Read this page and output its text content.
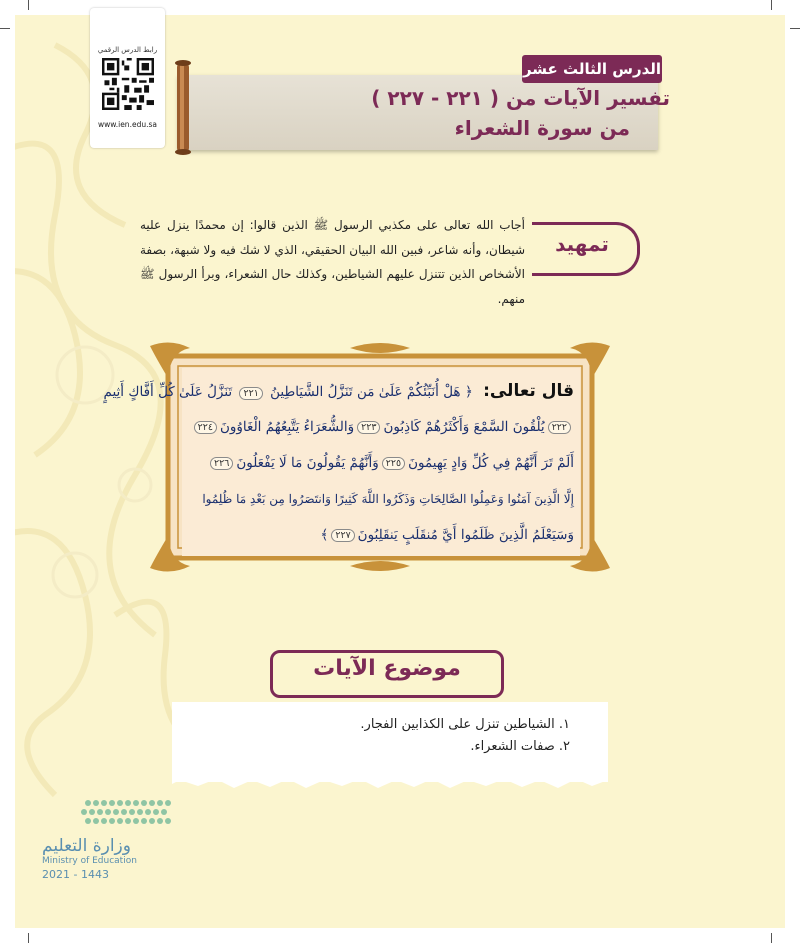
رابط الدرس الرقمي
www.ien.edu.sa
تفسير الآيات من ( ٢٢١ - ٢٢٧ )
من سورة الشعراء
الدرس الثالث عشر
تمهيد
أجاب الله تعالى على مكذبي الرسول ﷺ الذين قالوا: إن محمدًا ينزل عليه شيطان، وأنه شاعر، فبين الله البيان الحقيقي، الذي لا شك فيه ولا شبهة، بصفة الأشخاص الذين تتنزل عليهم الشياطين، وكذلك حال الشعراء، وبرأ الرسول ﷺ منهم.
قال تعالى: ﴿ هَلْ أُنَبِّئُكُمْ عَلَىٰ مَن تَنَزَّلُ الشَّيَاطِينُ ٢٢١ تَنَزَّلُ عَلَىٰ كُلِّ أَفَّاكٍ أَثِيمٍ
٢٢٢
يُلْقُونَ السَّمْعَ وَأَكْثَرُهُمْ كَاذِبُونَ
٢٢٣
وَالشُّعَرَاءُ يَتَّبِعُهُمُ الْغَاوُونَ
٢٢٤
أَلَمْ تَرَ أَنَّهُمْ فِي كُلِّ وَادٍ يَهِيمُونَ
٢٢٥
وَأَنَّهُمْ يَقُولُونَ مَا لَا يَفْعَلُونَ
٢٢٦
إِلَّا الَّذِينَ آمَنُوا وَعَمِلُوا الصَّالِحَاتِ وَذَكَرُوا اللَّهَ كَثِيرًا وَانتَصَرُوا مِن بَعْدِ مَا ظُلِمُوا
وَسَيَعْلَمُ الَّذِينَ ظَلَمُوا أَيَّ مُنقَلَبٍ يَنقَلِبُونَ
٢٢٧
﴾
موضوع الآيات
١. الشياطين تنزل على الكذابين الفجار.
٢. صفات الشعراء.
وزارة التعليم
Ministry of Education
2021 - 1443
